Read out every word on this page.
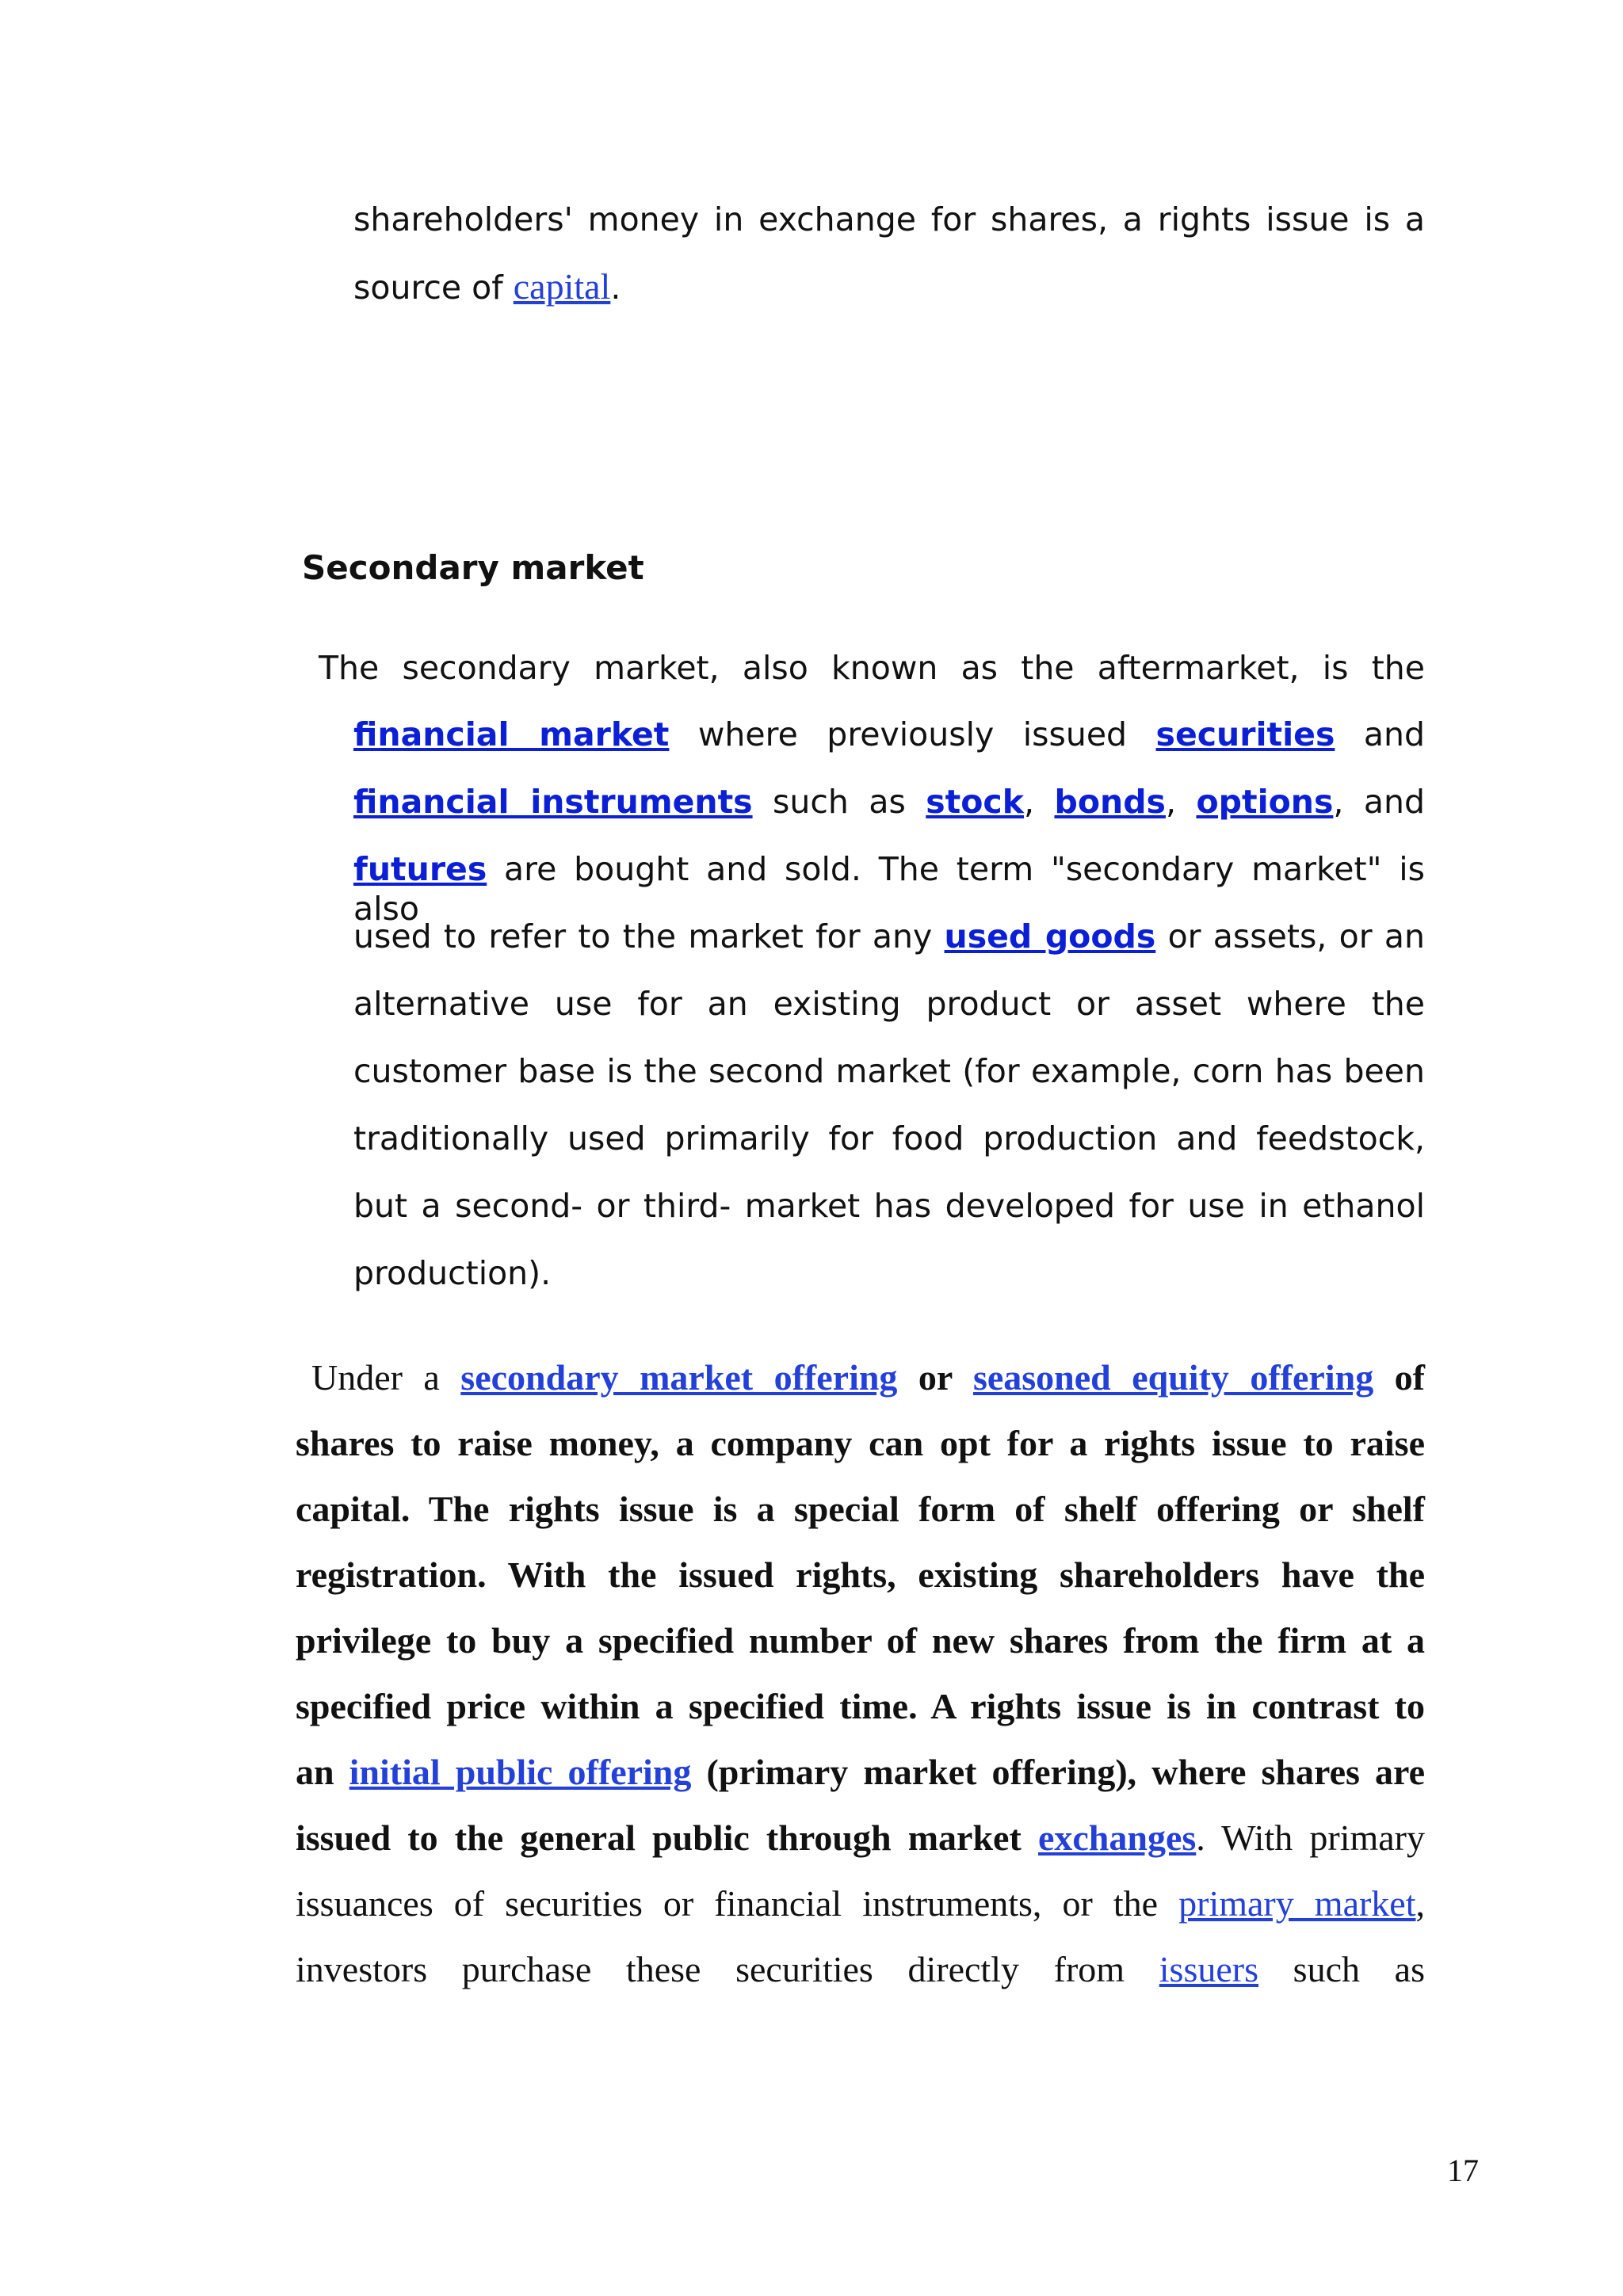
shareholders' money in exchange for shares, a rights issue is a
source of capital.
Secondary market
The secondary market, also known as the aftermarket, is the
financial market where previously issued securities and
financial instruments such as stock, bonds, options, and
futures are bought and sold. The term "secondary market" is also
used to refer to the market for any used goods or assets, or an
alternative use for an existing product or asset where the
customer base is the second market (for example, corn has been
traditionally used primarily for food production and feedstock,
but a second- or third- market has developed for use in ethanol
production).
Under a secondary market offering or seasoned equity offering of
shares to raise money, a company can opt for a rights issue to raise
capital. The rights issue is a special form of shelf offering or shelf
registration. With the issued rights, existing shareholders have the
privilege to buy a specified number of new shares from the firm at a
specified price within a specified time. A rights issue is in contrast to
an initial public offering (primary market offering), where shares are
issued to the general public through market exchanges. With primary
issuances of securities or financial instruments, or the primary market,
investors purchase these securities directly from issuers such as
17
